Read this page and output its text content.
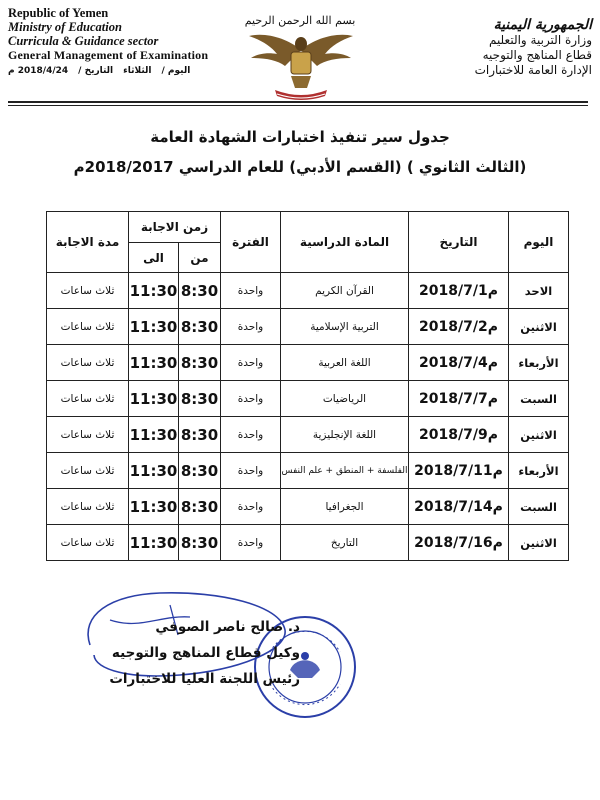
بسم الله الرحمن الرحيم
Republic of Yemen
Ministry of Education
Curricula & Guidance sector
General Management of Examination
اليوم /
الثلاثاء
التاريخ /
2018/4/24 م
الجمهورية اليمنية
وزارة التربية والتعليم
قطاع المناهج والتوجيه
الإدارة العامة للاختبارات
جدول سير تنفيذ اختبارات الشهادة العامة
(الثالث الثانوي ) (القسم الأدبي) للعام الدراسي 2018/2017م
اليوم	التاريخ	المادة الدراسية	الفترة	زمن الاجابة		مدة الاجابة
				من	الى	
الاحد	2018/7/1م	القرآن الكريم	واحدة	8:30	11:30	ثلاث ساعات
الاثنين	2018/7/2م	التربية الإسلامية	واحدة	8:30	11:30	ثلاث ساعات
الأربعاء	2018/7/4م	اللغة العربية	واحدة	8:30	11:30	ثلاث ساعات
السبت	2018/7/7م	الرياضيات	واحدة	8:30	11:30	ثلاث ساعات
الاثنين	2018/7/9م	اللغة الإنجليزية	واحدة	8:30	11:30	ثلاث ساعات
الأربعاء	2018/7/11م	الفلسفة + المنطق + علم النفس	واحدة	8:30	11:30	ثلاث ساعات
السبت	2018/7/14م	الجغرافيا	واحدة	8:30	11:30	ثلاث ساعات
الاثنين	2018/7/16م	التاريخ	واحدة	8:30	11:30	ثلاث ساعات
د. صالح ناصر الصوفي
وكيل قطاع المناهج والتوجيه
رئيس اللجنة العليا للاختبارات
